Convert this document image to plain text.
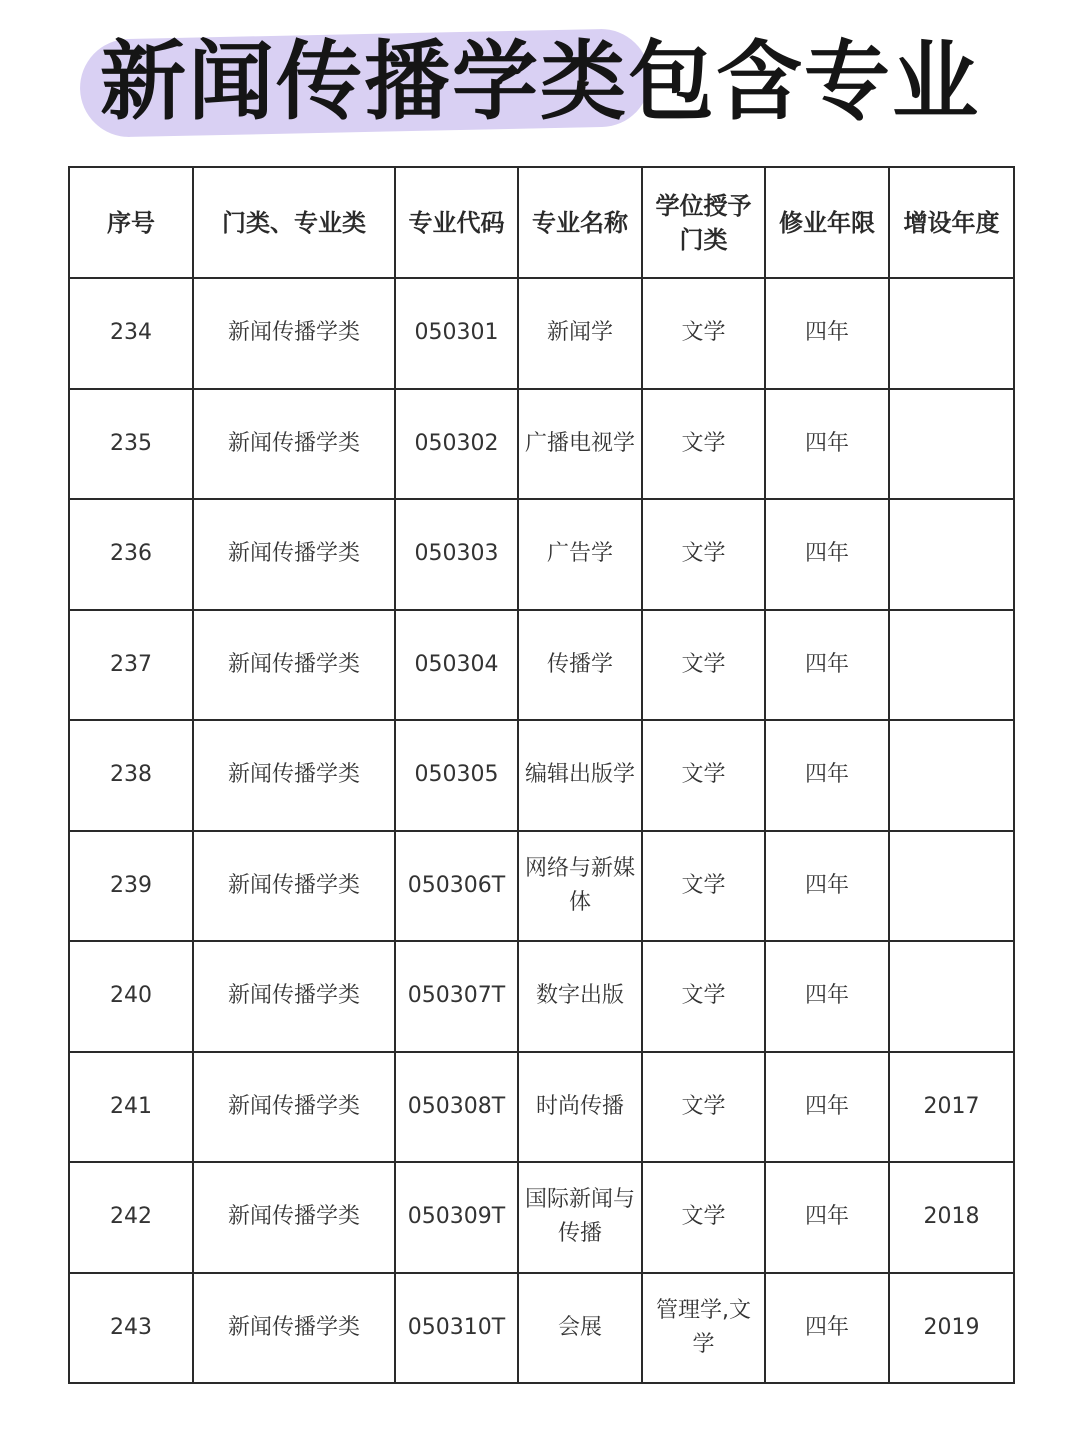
新闻传播学类包含专业
序号	门类、专业类	专业代码	专业名称	学位授予门类	修业年限	增设年度
234	新闻传播学类	050301	新闻学	文学	四年	
235	新闻传播学类	050302	广播电视学	文学	四年	
236	新闻传播学类	050303	广告学	文学	四年	
237	新闻传播学类	050304	传播学	文学	四年	
238	新闻传播学类	050305	编辑出版学	文学	四年	
239	新闻传播学类	050306T	网络与新媒体	文学	四年	
240	新闻传播学类	050307T	数字出版	文学	四年	
241	新闻传播学类	050308T	时尚传播	文学	四年	2017
242	新闻传播学类	050309T	国际新闻与传播	文学	四年	2018
243	新闻传播学类	050310T	会展	管理学,文学	四年	2019
